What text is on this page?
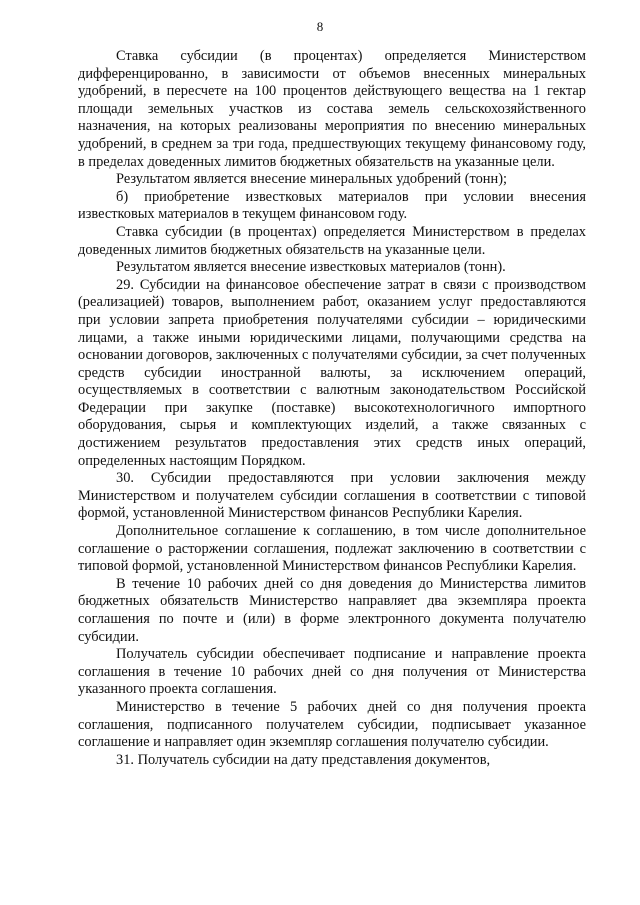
8

Ставка субсидии (в процентах) определяется Министерством дифференцированно, в зависимости от объемов внесенных минеральных удобрений, в пересчете на 100 процентов действующего вещества на 1 гектар площади земельных участков из состава земель сельскохозяйственного назначения, на которых реализованы мероприятия по внесению минеральных удобрений, в среднем за три года, предшествующих текущему финансовому году, в пределах доведенных лимитов бюджетных обязательств на указанные цели.

Результатом является внесение минеральных удобрений (тонн);

б) приобретение известковых материалов при условии внесения известковых материалов в текущем финансовом году.

Ставка субсидии (в процентах) определяется Министерством в пределах доведенных лимитов бюджетных обязательств на указанные цели.

Результатом является внесение известковых материалов (тонн).

29. Субсидии на финансовое обеспечение затрат в связи с производством (реализацией) товаров, выполнением работ, оказанием услуг предоставляются при условии запрета приобретения получателями субсидии – юридическими лицами, а также иными юридическими лицами, получающими средства на основании договоров, заключенных с получателями субсидии, за счет полученных средств субсидии иностранной валюты, за исключением операций, осуществляемых в соответствии с валютным законодательством Российской Федерации при закупке (поставке) высокотехнологичного импортного оборудования, сырья и комплектующих изделий, а также связанных с достижением результатов предоставления этих средств иных операций, определенных настоящим Порядком.

30. Субсидии предоставляются при условии заключения между Министерством и получателем субсидии соглашения в соответствии с типовой формой, установленной Министерством финансов Республики Карелия.

Дополнительное соглашение к соглашению, в том числе дополнительное соглашение о расторжении соглашения, подлежат заключению в соответствии с типовой формой, установленной Министерством финансов Республики Карелия.

В течение 10 рабочих дней со дня доведения до Министерства лимитов бюджетных обязательств Министерство направляет два экземпляра проекта соглашения по почте и (или) в форме электронного документа получателю субсидии.

Получатель субсидии обеспечивает подписание и направление проекта соглашения в течение 10 рабочих дней со дня получения от Министерства указанного проекта соглашения.

Министерство в течение 5 рабочих дней со дня получения проекта соглашения, подписанного получателем субсидии, подписывает указанное соглашение и направляет один экземпляр соглашения получателю субсидии.

31. Получатель субсидии на дату представления документов,
